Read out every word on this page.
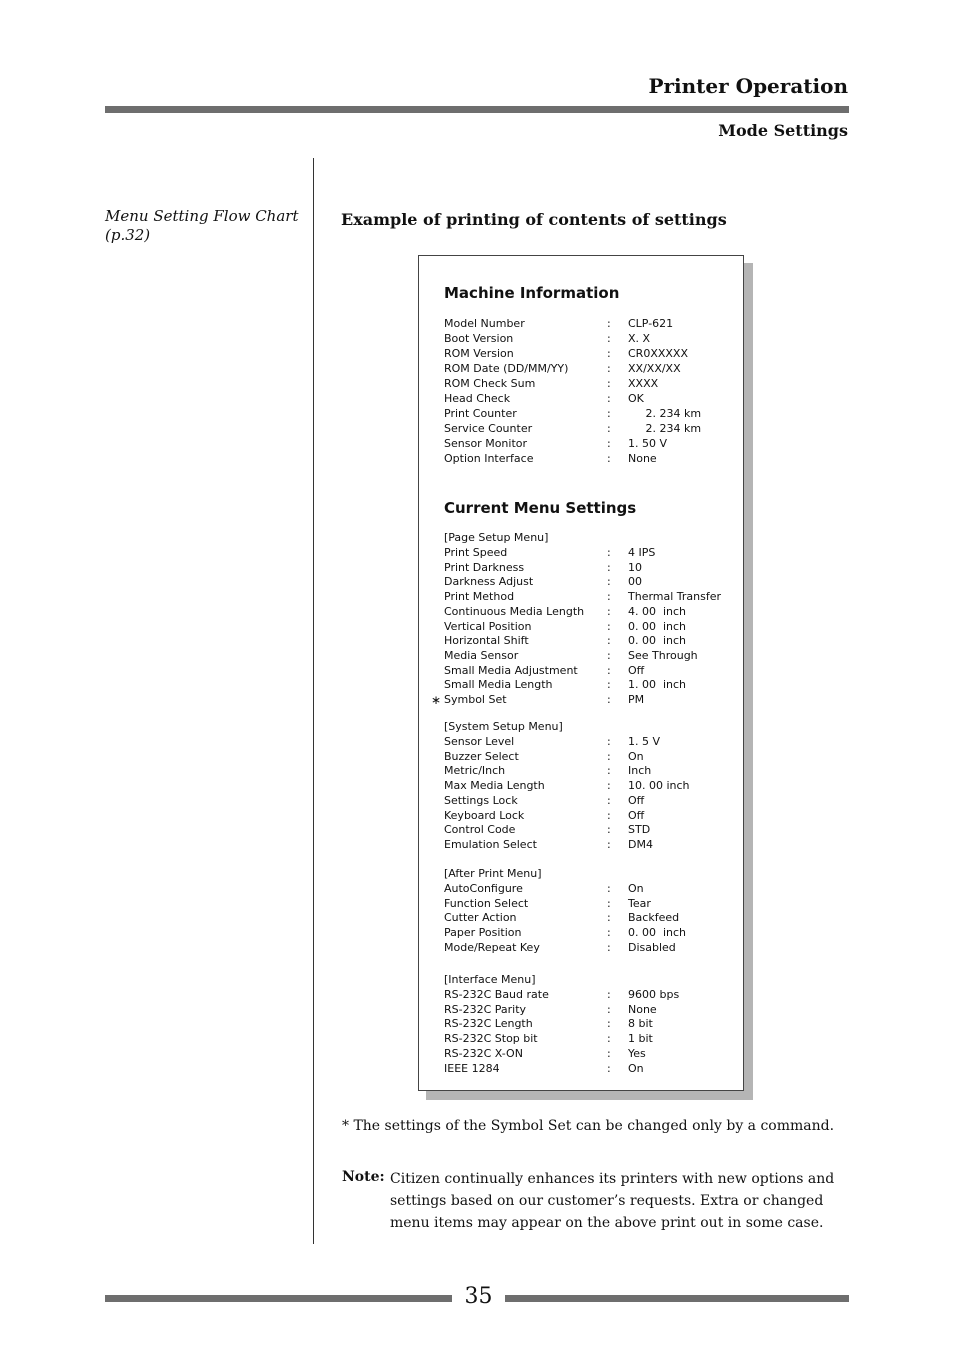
Printer Operation
Mode Settings
Menu Setting Flow Chart (p.32)
Example of printing of contents of settings
Machine Information
Model Number	: CLP-621
Boot Version	: X. X
ROM Version	: CR0XXXXX
ROM Date (DD/MM/YY)	: XX/XX/XX
ROM Check Sum	: XXXX
Head Check	: OK
Print Counter	: 2. 234 km
Service Counter	: 2. 234 km
Sensor Monitor	: 1. 50 V
Option Interface	: None
Current Menu Settings
[Page Setup Menu]
Print Speed	: 4 IPS
Print Darkness	: 10
Darkness Adjust	: 00
Print Method	: Thermal Transfer
Continuous Media Length : 4. 00  inch
Vertical Position	: 0. 00  inch
Horizontal Shift	: 0. 00  inch
Media Sensor	: See Through
Small Media Adjustment	: Off
Small Media Length	: 1. 00  inch
Symbol Set	: PM
∗
[System Setup Menu]
Sensor Level	: 1. 5 V
Buzzer Select	: On
Metric/Inch	: Inch
Max Media Length	: 10. 00 inch
Settings Lock	: Off
Keyboard Lock	: Off
Control Code	: STD
Emulation Select	: DM4
[After Print Menu]
AutoConfigure	: On
Function Select	: Tear
Cutter Action	: Backfeed
Paper Position	: 0. 00  inch
Mode/Repeat Key	: Disabled
[Interface Menu]
RS-232C Baud rate	: 9600 bps
RS-232C Parity	: None
RS-232C Length	: 8 bit
RS-232C Stop bit	: 1 bit
RS-232C X-ON	: Yes
IEEE 1284	: On
* The settings of the Symbol Set can be changed only by a command.
Note: Citizen continually enhances its printers with new options and settings based on our customer’s requests. Extra or changed menu items may appear on the above print out in some case.
35
